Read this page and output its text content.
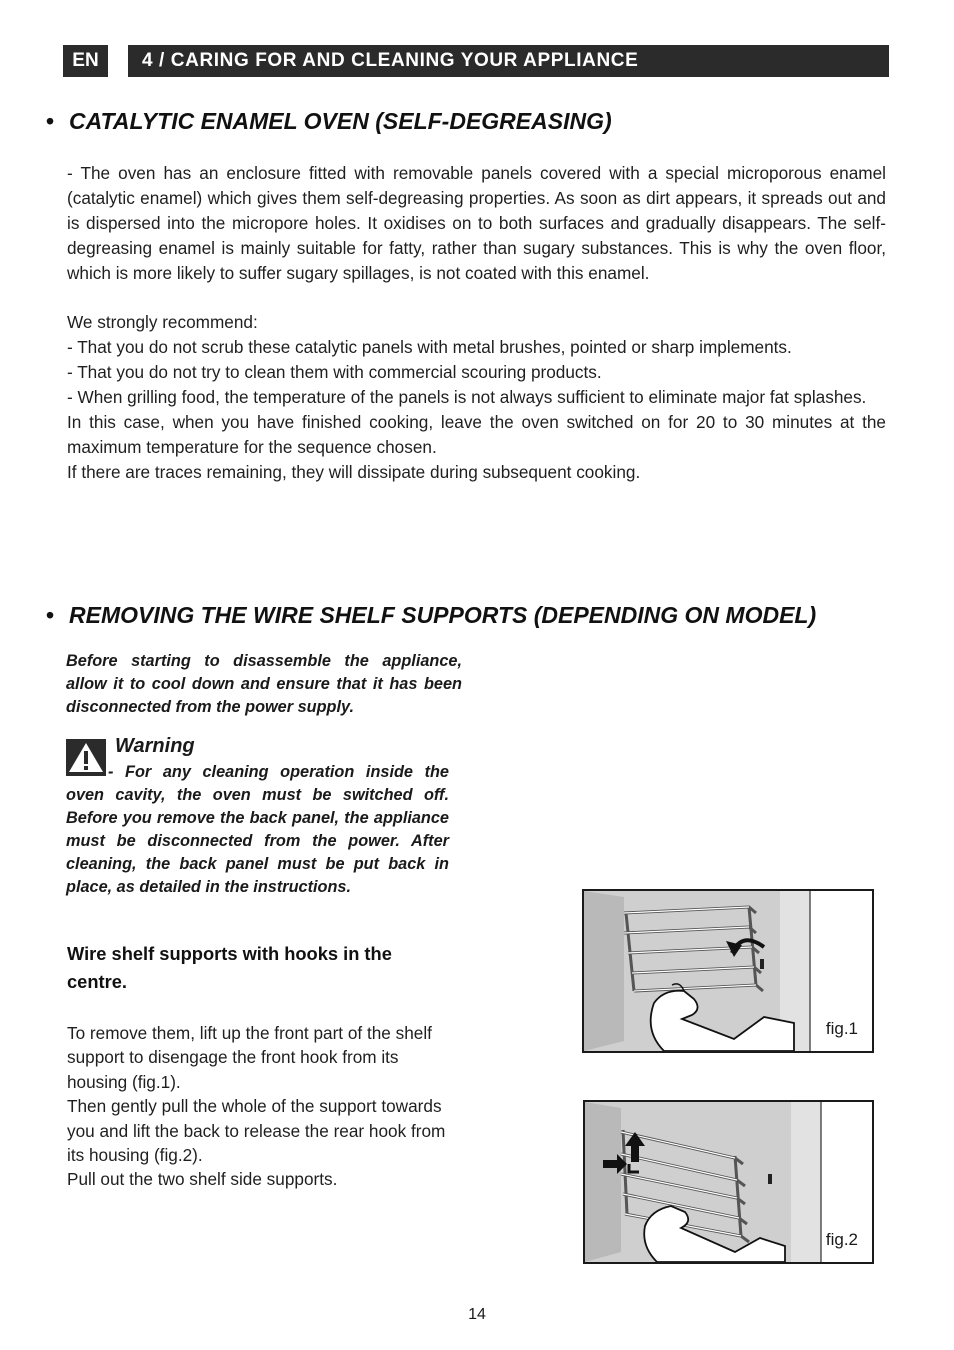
EN	4 / CARING FOR AND CLEANING YOUR APPLIANCE
• CATALYTIC ENAMEL OVEN (SELF-DEGREASING)

- The oven has an enclosure fitted with removable panels covered with a special microporous enamel (catalytic enamel) which gives them self-degreasing properties. As soon as dirt appears, it spreads out and is dispersed into the micropore holes. It oxidises on to both surfaces and gradually disappears. The self-degreasing enamel is mainly suitable for fatty, rather than sugary substances. This is why the oven floor, which is more likely to suffer sugary spillages, is not coated with this enamel.

We strongly recommend:

- That you do not scrub these catalytic panels with metal brushes, pointed or sharp implements.

- That you do not try to clean them with commercial scouring products.

- When grilling food, the temperature of the panels is not always sufficient to eliminate major fat splashes.

In this case, when you have finished cooking, leave the oven switched on for 20 to 30 minutes at the maximum temperature for the sequence chosen.

If there are traces remaining, they will dissipate during subsequent cooking.

• REMOVING THE WIRE SHELF SUPPORTS (DEPENDING ON MODEL)
Before starting to disassemble the appliance, allow it to cool down and ensure that it has been disconnected from the power supply.
Warning
- For any cleaning operation inside the oven cavity, the oven must be switched off. Before you remove the back panel, the appliance must be disconnected from the power. After cleaning, the back panel must be put back in place, as detailed in the instructions.
Wire shelf supports with hooks in the centre.

To remove them, lift up the front part of the shelf support to disengage the front hook from its housing (fig.1).

Then gently pull the whole of the support towards you and lift the back to release the rear hook from its housing (fig.2).

Pull out the two shelf side supports.

fig.1
fig.2
14
